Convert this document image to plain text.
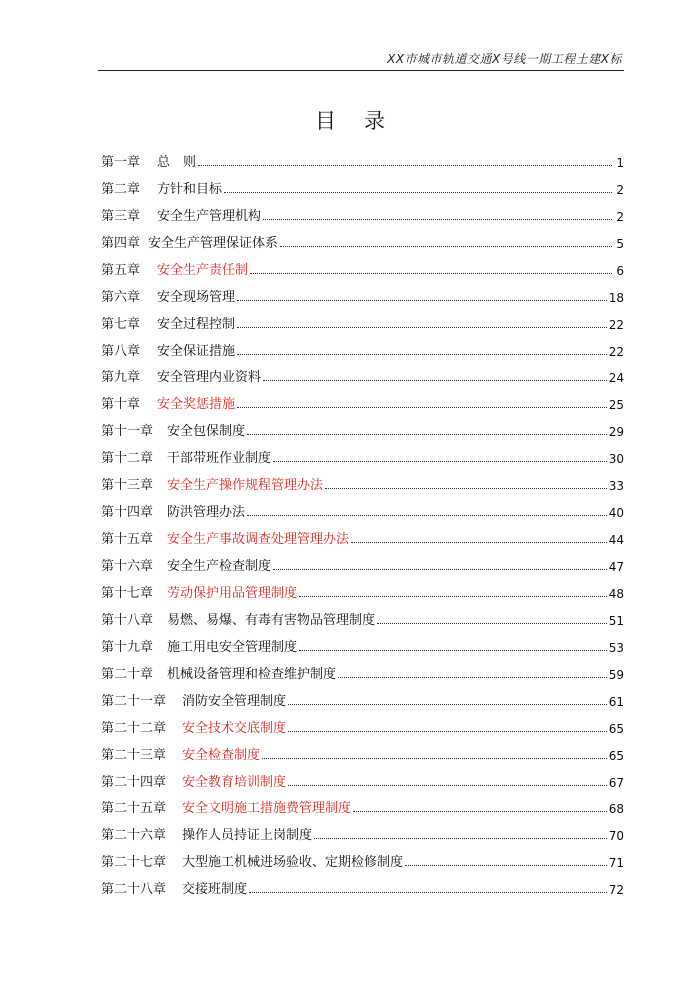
XX市城市轨道交通X号线一期工程土建X标
目录
第一章 总　则	1
第二章 方针和目标	2
第三章 安全生产管理机构	2
第四章 安全生产管理保证体系	5
第五章 安全生产责任制	6
第六章 安全现场管理	18
第七章 安全过程控制	22
第八章 安全保证措施	22
第九章 安全管理内业资料	24
第十章 安全奖惩措施	25
第十一章 安全包保制度	29
第十二章 干部带班作业制度	30
第十三章 安全生产操作规程管理办法	33
第十四章 防洪管理办法	40
第十五章 安全生产事故调查处理管理办法	44
第十六章 安全生产检查制度	47
第十七章 劳动保护用品管理制度	48
第十八章 易燃、易爆、有毒有害物品管理制度	51
第十九章 施工用电安全管理制度	53
第二十章 机械设备管理和检查维护制度	59
第二十一章 消防安全管理制度	61
第二十二章 安全技术交底制度	65
第二十三章 安全检查制度	65
第二十四章 安全教育培训制度	67
第二十五章 安全文明施工措施费管理制度	68
第二十六章 操作人员持证上岗制度	70
第二十七章 大型施工机械进场验收、定期检修制度	71
第二十八章 交接班制度	72
